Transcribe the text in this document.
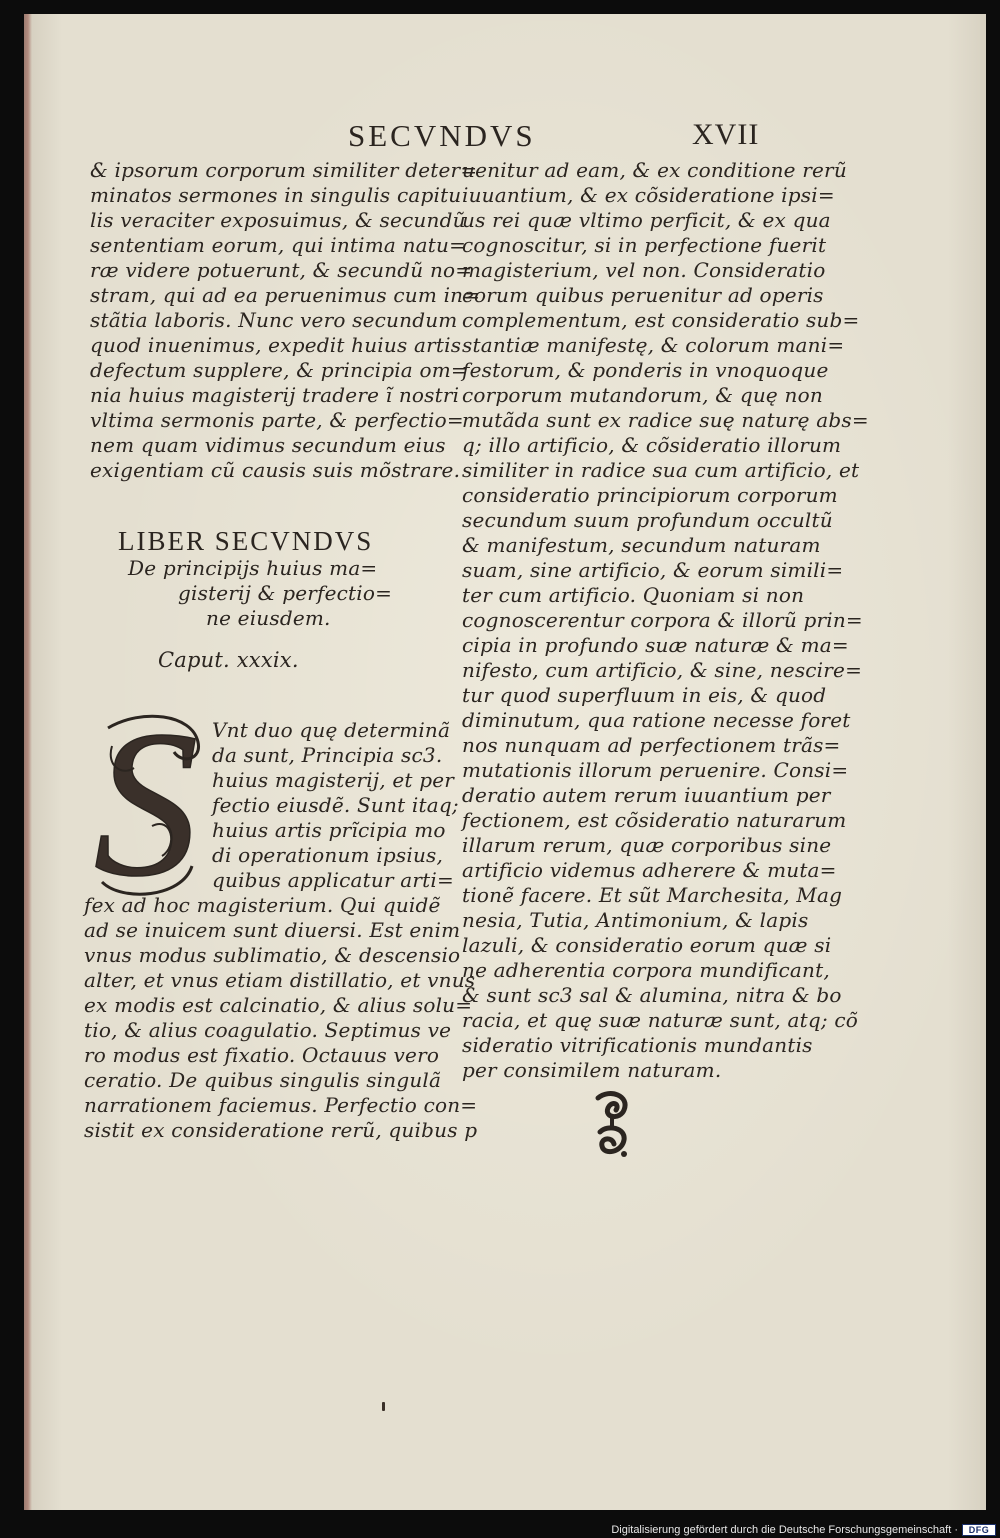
SECVNDVS	XVII
& ipsorum corporum similiter deter=
minatos sermones in singulis capitu
lis veraciter exposuimus, & secundũ
sententiam eorum, qui intima natu=
ræ videre potuerunt, & secundũ no=
stram, qui ad ea peruenimus cum in=
stãtia laboris. Nunc vero secundum
quod inuenimus, expedit huius artis
defectum supplere, & principia om=
nia huius magisterij tradere ĩ nostri
vltima sermonis parte, & perfectio=
nem quam vidimus secundum eius
exigentiam cũ causis suis mõstrare.
LIBER SECVNDVS
De principijs huius ma=
gisterij & perfectio=
ne eiusdem.
Caput. xxxix.
S Vnt duo quę determinã
da sunt, Principia sc3.
huius magisterij, et per
fectio eiusdẽ. Sunt itaq;
huius artis prĩcipia mo
di operationum ipsius,
quibus applicatur arti=
fex ad hoc magisterium. Qui quidẽ
ad se inuicem sunt diuersi. Est enim
vnus modus sublimatio, & descensio
alter, et vnus etiam distillatio, et vnus
ex modis est calcinatio, & alius solu=
tio, & alius coagulatio. Septimus ve
ro modus est fixatio. Octauus vero
ceratio. De quibus singulis singulã
narrationem faciemus. Perfectio con=
sistit ex consideratione rerũ, quibus p
uenitur ad eam, & ex conditione rerũ
iuuantium, & ex cõsideratione ipsi=
us rei quæ vltimo perficit, & ex qua
cognoscitur, si in perfectione fuerit
magisterium, vel non. Consideratio
eorum quibus peruenitur ad operis
complementum, est consideratio sub=
stantiæ manifestę, & colorum mani=
festorum, & ponderis in vnoquoque
corporum mutandorum, & quę non
mutãda sunt ex radice suę naturę abs=
q; illo artificio, & cõsideratio illorum
similiter in radice sua cum artificio, et
consideratio principiorum corporum
secundum suum profundum occultũ
& manifestum, secundum naturam
suam, sine artificio, & eorum simili=
ter cum artificio. Quoniam si non
cognoscerentur corpora & illorũ prin=
cipia in profundo suæ naturæ & ma=
nifesto, cum artificio, & sine, nescire=
tur quod superfluum in eis, & quod
diminutum, qua ratione necesse foret
nos nunquam ad perfectionem trãs=
mutationis illorum peruenire. Consi=
deratio autem rerum iuuantium per
fectionem, est cõsideratio naturarum
illarum rerum, quæ corporibus sine
artificio videmus adherere & muta=
tionẽ facere. Et sũt Marchesita, Mag
nesia, Tutia, Antimonium, & lapis
lazuli, & consideratio eorum quæ si
ne adherentia corpora mundificant,
& sunt sc3 sal & alumina, nitra & bo
racia, et quę suæ naturæ sunt, atq; cõ
sideratio vitrificationis mundantis
per consimilem naturam.
Digitalisierung gefördert durch die Deutsche Forschungsgemeinschaft ·	DFG
